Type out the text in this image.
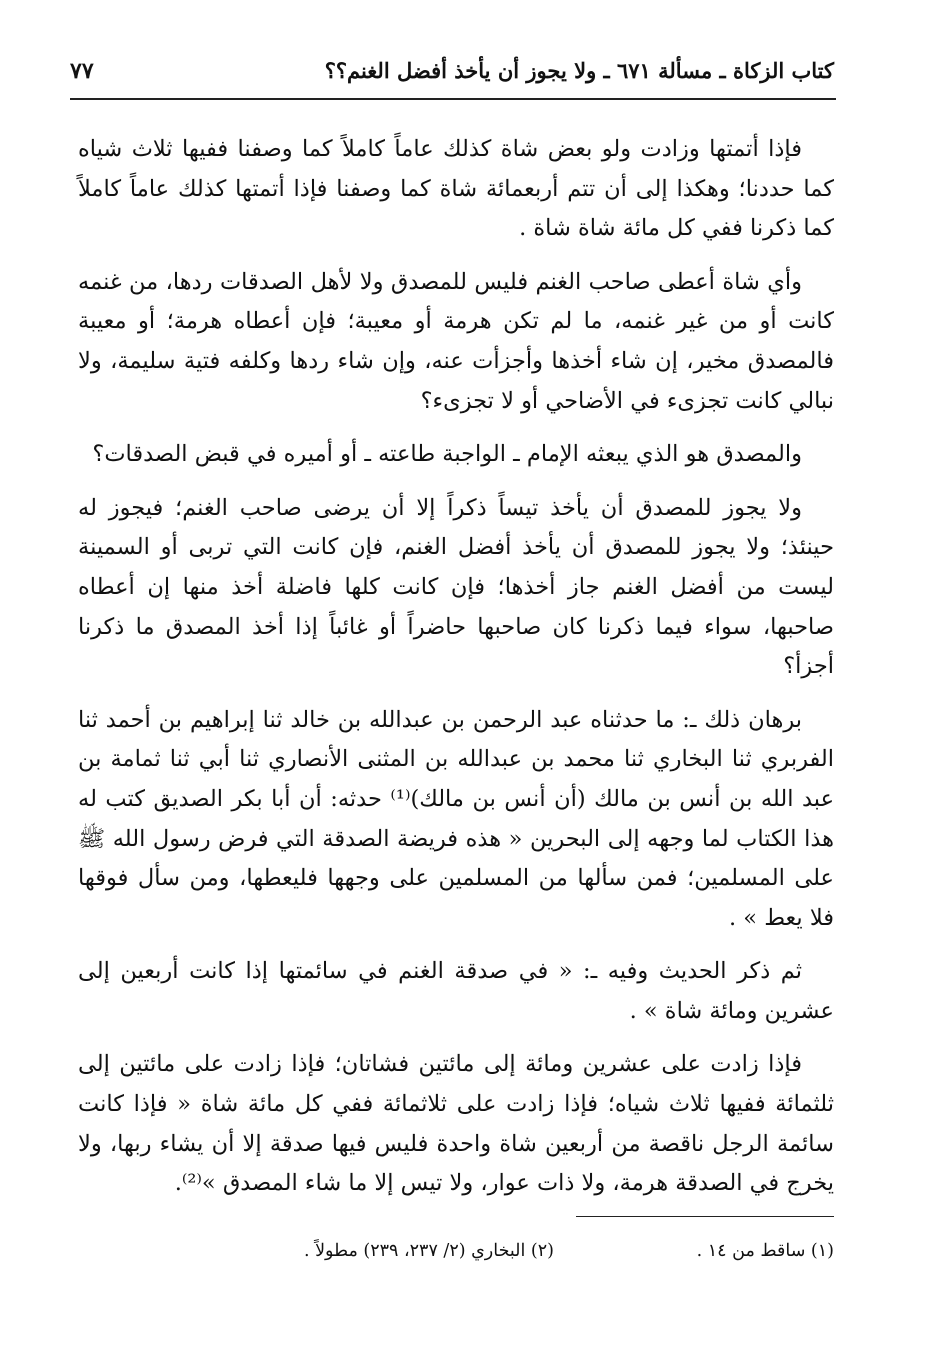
كتاب الزكاة ـ مسألة ٦٧١ ـ ولا يجوز أن يأخذ أفضل الغنم؟؟
٧٧

فإذا أتمتها وزادت ولو بعض شاة كذلك عاماً كاملاً كما وصفنا ففيها ثلاث شياه كما حددنا؛ وهكذا إلى أن تتم أربعمائة شاة كما وصفنا فإذا أتمتها كذلك عاماً كاملاً كما ذكرنا ففي كل مائة شاة شاة .

وأي شاة أعطى صاحب الغنم فليس للمصدق ولا لأهل الصدقات ردها، من غنمه كانت أو من غير غنمه، ما لم تكن هرمة أو معيبة؛ فإن أعطاه هرمة؛ أو معيبة فالمصدق مخير، إن شاء أخذها وأجزأت عنه، وإن شاء ردها وكلفه فتية سليمة، ولا نبالي كانت تجزىء في الأضاحي أو لا تجزىء؟

والمصدق هو الذي يبعثه الإمام ـ الواجبة طاعته ـ أو أميره في قبض الصدقات؟

ولا يجوز للمصدق أن يأخذ تيساً ذكراً إلا أن يرضى صاحب الغنم؛ فيجوز له حينئذ؛ ولا يجوز للمصدق أن يأخذ أفضل الغنم، فإن كانت التي تربى أو السمينة ليست من أفضل الغنم جاز أخذها؛ فإن كانت كلها فاضلة أخذ منها إن أعطاه صاحبها، سواء فيما ذكرنا كان صاحبها حاضراً أو غائباً إذا أخذ المصدق ما ذكرنا أجزأ؟

برهان ذلك ـ: ما حدثناه عبد الرحمن بن عبدالله بن خالد ثنا إبراهيم بن أحمد ثنا الفربري ثنا البخاري ثنا محمد بن عبدالله بن المثنى الأنصاري ثنا أبي ثنا ثمامة بن عبد الله بن أنس بن مالك (أن أنس بن مالك)⁽¹⁾ حدثه: أن أبا بكر الصديق كتب له هذا الكتاب لما وجهه إلى البحرين « هذه فريضة الصدقة التي فرض رسول الله ﷺ على المسلمين؛ فمن سألها من المسلمين على وجهها فليعطها، ومن سأل فوقها فلا يعط » .

ثم ذكر الحديث وفيه ـ: « في صدقة الغنم في سائمتها إذا كانت أربعين إلى عشرين ومائة شاة » .

فإذا زادت على عشرين ومائة إلى مائتين فشاتان؛ فإذا زادت على مائتين إلى ثلثمائة ففيها ثلاث شياه؛ فإذا زادت على ثلاثمائة ففي كل مائة شاة « فإذا كانت سائمة الرجل ناقصة من أربعين شاة واحدة فليس فيها صدقة إلا أن يشاء ربها، ولا يخرج في الصدقة هرمة، ولا ذات عوار، ولا تيس إلا ما شاء المصدق »⁽²⁾.

(١) ساقط من ١٤ .
(٢) البخاري (٢/ ٢٣٧، ٢٣٩) مطولاً .
